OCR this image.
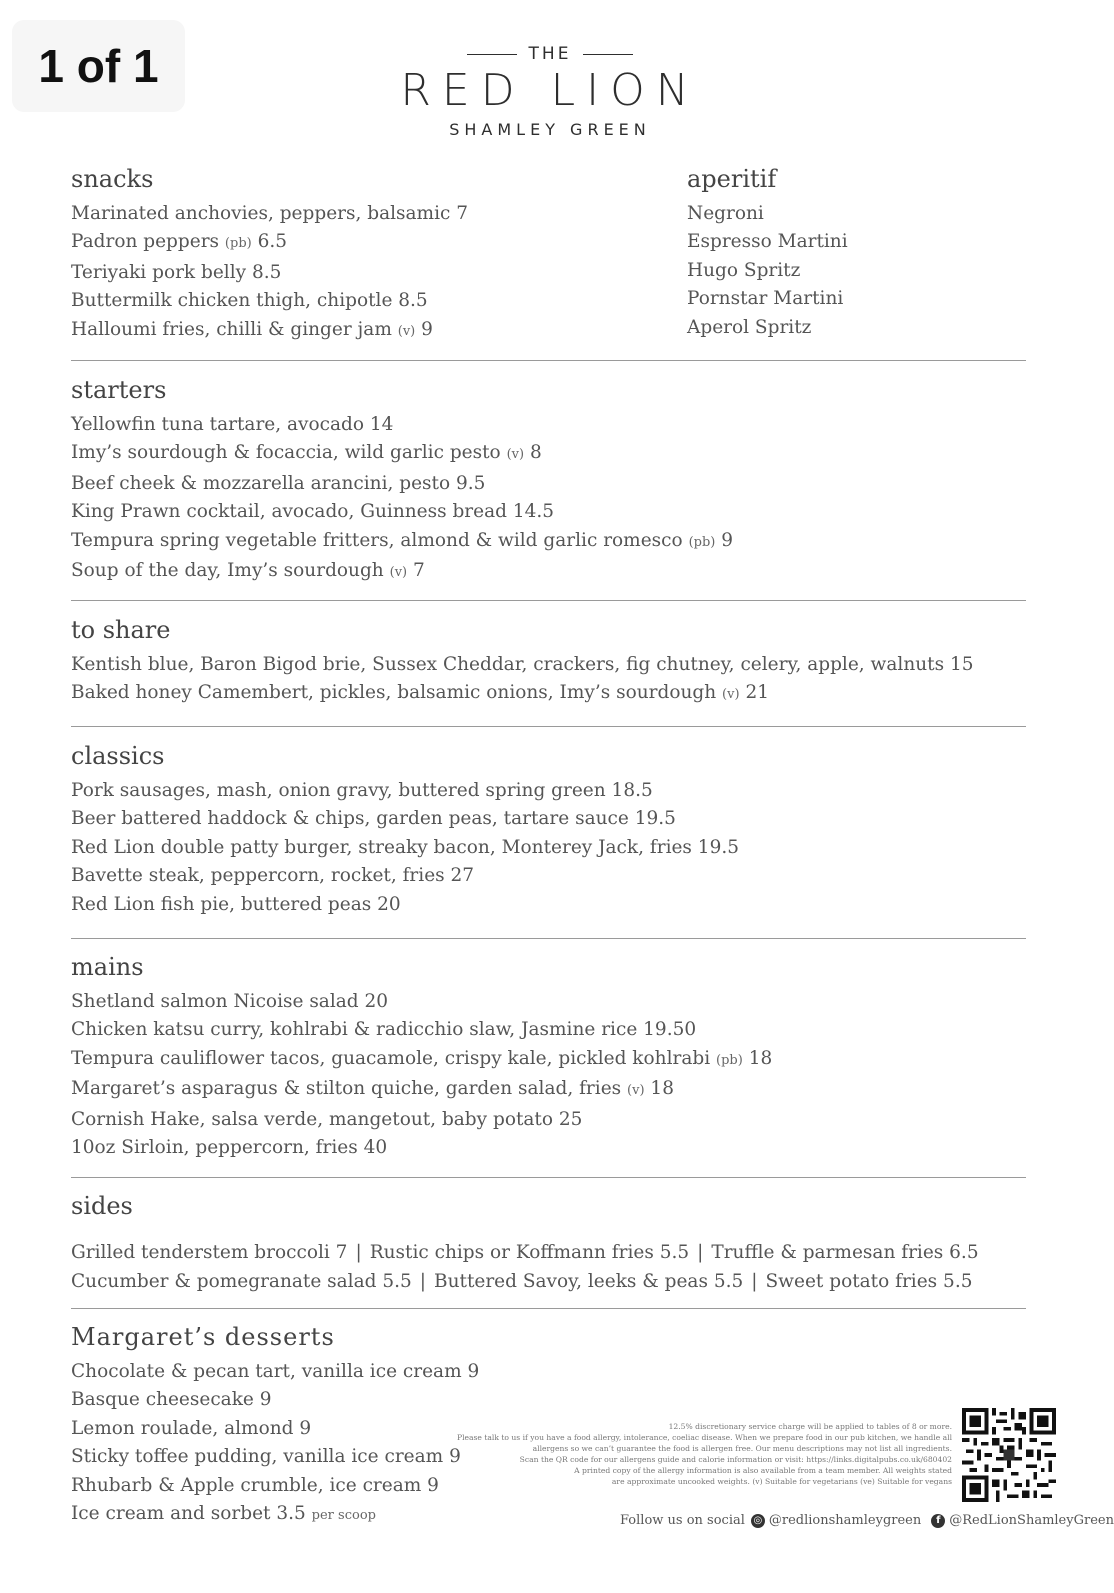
1 of 1	THE
RED LION
SHAMLEY GREEN
snacks
Marinated anchovies, peppers, balsamic 7
Padron peppers (pb) 6.5
Teriyaki pork belly 8.5
Buttermilk chicken thigh, chipotle 8.5
Halloumi fries, chilli & ginger jam (v) 9
aperitif
Negroni
Espresso Martini
Hugo Spritz
Pornstar Martini
Aperol Spritz
starters
Yellowfin tuna tartare, avocado 14
Imy’s sourdough & focaccia, wild garlic pesto (v) 8
Beef cheek & mozzarella arancini, pesto 9.5
King Prawn cocktail, avocado, Guinness bread 14.5
Tempura spring vegetable fritters, almond & wild garlic romesco (pb) 9
Soup of the day, Imy’s sourdough (v) 7
to share
Kentish blue, Baron Bigod brie, Sussex Cheddar, crackers, fig chutney, celery, apple, walnuts 15
Baked honey Camembert, pickles, balsamic onions, Imy’s sourdough (v) 21
classics
Pork sausages, mash, onion gravy, buttered spring green 18.5
Beer battered haddock & chips, garden peas, tartare sauce 19.5
Red Lion double patty burger, streaky bacon, Monterey Jack, fries 19.5
Bavette steak, peppercorn, rocket, fries 27
Red Lion fish pie, buttered peas 20
mains
Shetland salmon Nicoise salad 20
Chicken katsu curry, kohlrabi & radicchio slaw, Jasmine rice 19.50
Tempura cauliflower tacos, guacamole, crispy kale, pickled kohlrabi (pb) 18
Margaret’s asparagus & stilton quiche, garden salad, fries (v) 18
Cornish Hake, salsa verde, mangetout, baby potato 25
10oz Sirloin, peppercorn, fries 40
sides
Grilled tenderstem broccoli 7 | Rustic chips or Koffmann fries 5.5 | Truffle & parmesan fries 6.5
Cucumber & pomegranate salad 5.5 | Buttered Savoy, leeks & peas 5.5 | Sweet potato fries 5.5
Margaret’s desserts
Chocolate & pecan tart, vanilla ice cream 9
Basque cheesecake 9
Lemon roulade, almond 9
Sticky toffee pudding, vanilla ice cream 9
Rhubarb & Apple crumble, ice cream 9
Ice cream and sorbet 3.5 per scoop
12.5% discretionary service charge will be applied to tables of 8 or more.
Please talk to us if you have a food allergy, intolerance, coeliac disease. When we prepare food in our pub kitchen, we handle all
allergens so we can’t guarantee the food is allergen free. Our menu descriptions may not list all ingredients.
Scan the QR code for our allergens guide and calorie information or visit: https://links.digitalpubs.co.uk/680402
A printed copy of the allergy information is also available from a team member. All weights stated
are approximate uncooked weights. (v) Suitable for vegetarians (ve) Suitable for vegans
Follow us on social ◎ @redlionshamleygreen	f @RedLionShamleyGreen
